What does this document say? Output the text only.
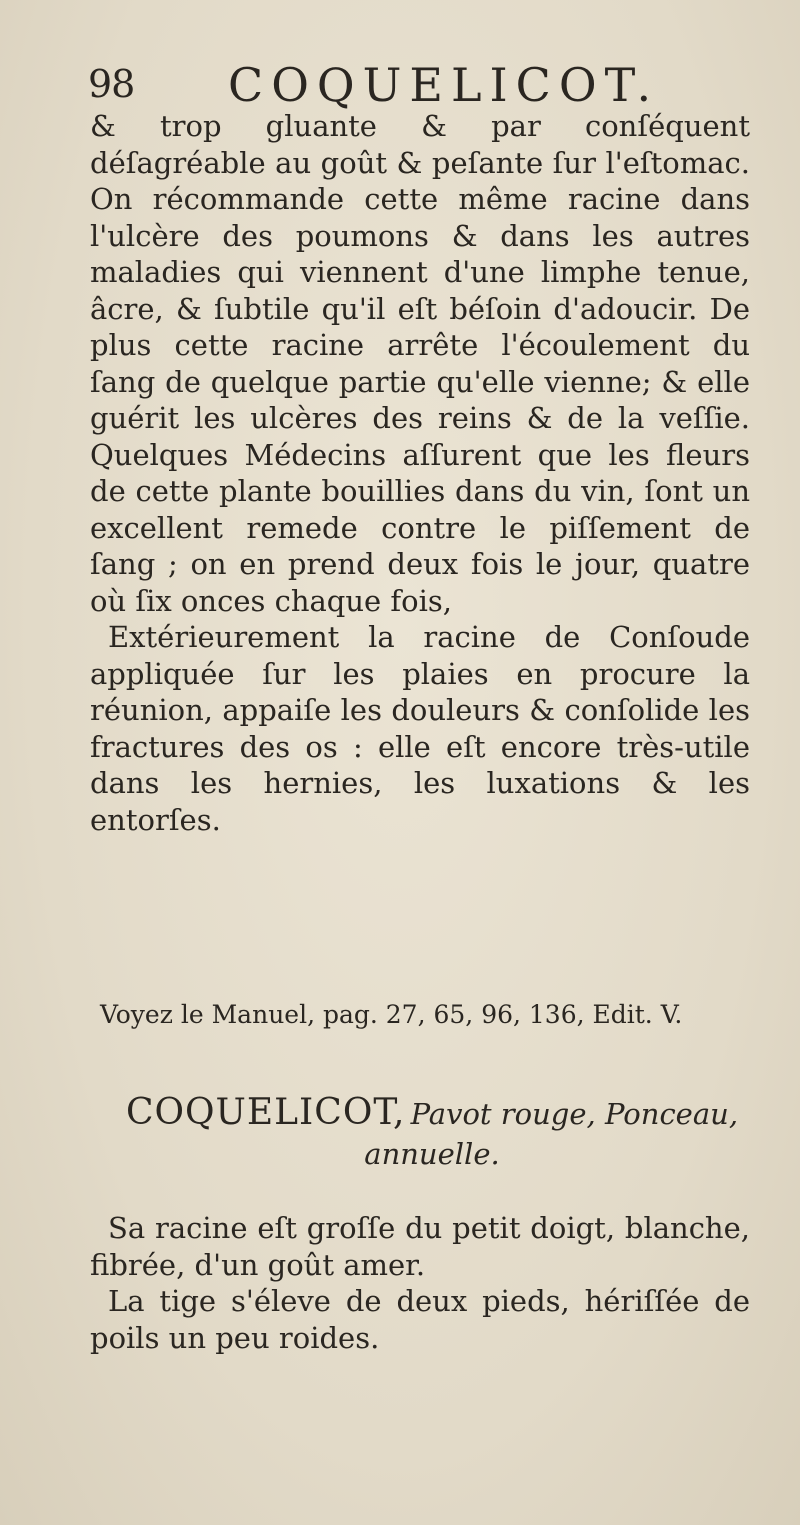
98 COQUELICOT.

& trop gluante & par conſéquent déſagréable au goût & peſante ſur l'eſtomac. On récommande cette même racine dans l'ulcère des poumons & dans les autres maladies qui viennent d'une limphe tenue, âcre, & ſubtile qu'il eſt béſoin d'adoucir. De plus cette racine arrête l'écoulement du ſang de quelque partie qu'elle vienne; & elle guérit les ulcères des reins & de la veſſie. Quelques Médecins aſſurent que les fleurs de cette plante bouillies dans du vin, ſont un excellent remede contre le piſſement de ſang ; on en prend deux fois le jour, quatre où ſix onces chaque fois,

Extérieurement la racine de Conſoude appliquée ſur les plaies en procure la réunion, appaiſe les douleurs & conſolide les fractures des os : elle eſt encore très-utile dans les hernies, les luxations & les entorſes.

Voyez le Manuel, pag. 27, 65, 96, 136, Edit. V.
COQUELICOT, Pavot rouge, Ponceau,
annuelle.

Sa racine eſt groſſe du petit doigt, blanche, fibrée, d'un goût amer.

La tige s'éleve de deux pieds, hériſſée de poils un peu roides.
